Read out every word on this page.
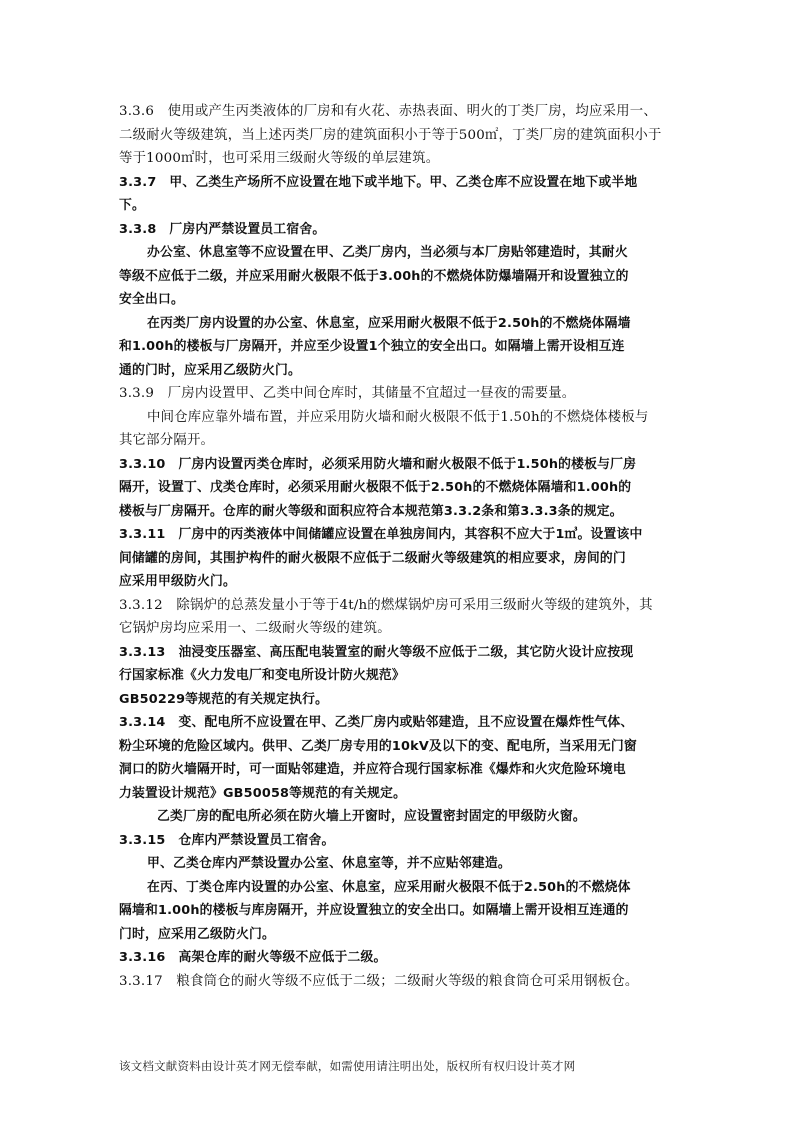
3.3.6　使用或产生丙类液体的厂房和有火花、赤热表面、明火的丁类厂房，均应采用一、
二级耐火等级建筑，当上述丙类厂房的建筑面积小于等于500㎡，丁类厂房的建筑面积小于
等于1000㎡时，也可采用三级耐火等级的单层建筑。
3.3.7　甲、乙类生产场所不应设置在地下或半地下。甲、乙类仓库不应设置在地下或半地
下。
3.3.8　厂房内严禁设置员工宿舍。
办公室、休息室等不应设置在甲、乙类厂房内，当必须与本厂房贴邻建造时，其耐火
等级不应低于二级，并应采用耐火极限不低于3.00h的不燃烧体防爆墙隔开和设置独立的
安全出口。
在丙类厂房内设置的办公室、休息室，应采用耐火极限不低于2.50h的不燃烧体隔墙
和1.00h的楼板与厂房隔开，并应至少设置1个独立的安全出口。如隔墙上需开设相互连
通的门时，应采用乙级防火门。
3.3.9　厂房内设置甲、乙类中间仓库时，其储量不宜超过一昼夜的需要量。
中间仓库应靠外墙布置，并应采用防火墙和耐火极限不低于1.50h的不燃烧体楼板与
其它部分隔开。
3.3.10　厂房内设置丙类仓库时，必须采用防火墙和耐火极限不低于1.50h的楼板与厂房
隔开，设置丁、戊类仓库时，必须采用耐火极限不低于2.50h的不燃烧体隔墙和1.00h的
楼板与厂房隔开。仓库的耐火等级和面积应符合本规范第3.3.2条和第3.3.3条的规定。
3.3.11　厂房中的丙类液体中间储罐应设置在单独房间内，其容积不应大于1㎥。设置该中
间储罐的房间，其围护构件的耐火极限不应低于二级耐火等级建筑的相应要求，房间的门
应采用甲级防火门。
3.3.12　除锅炉的总蒸发量小于等于4t/h的燃煤锅炉房可采用三级耐火等级的建筑外，其
它锅炉房均应采用一、二级耐火等级的建筑。
3.3.13　油浸变压器室、高压配电装置室的耐火等级不应低于二级，其它防火设计应按现
行国家标准《火力发电厂和变电所设计防火规范》
GB50229等规范的有关规定执行。
3.3.14　变、配电所不应设置在甲、乙类厂房内或贴邻建造，且不应设置在爆炸性气体、
粉尘环境的危险区域内。供甲、乙类厂房专用的10kV及以下的变、配电所，当采用无门窗
洞口的防火墙隔开时，可一面贴邻建造，并应符合现行国家标准《爆炸和火灾危险环境电
力装置设计规范》GB50058等规范的有关规定。
乙类厂房的配电所必须在防火墙上开窗时，应设置密封固定的甲级防火窗。
3.3.15　仓库内严禁设置员工宿舍。
甲、乙类仓库内严禁设置办公室、休息室等，并不应贴邻建造。
在丙、丁类仓库内设置的办公室、休息室，应采用耐火极限不低于2.50h的不燃烧体
隔墙和1.00h的楼板与库房隔开，并应设置独立的安全出口。如隔墙上需开设相互连通的
门时，应采用乙级防火门。
3.3.16　高架仓库的耐火等级不应低于二级。
3.3.17　粮食筒仓的耐火等级不应低于二级；二级耐火等级的粮食筒仓可采用钢板仓。
该文档文献资料由设计英才网无偿奉献，如需使用请注明出处，版权所有权归设计英才网
